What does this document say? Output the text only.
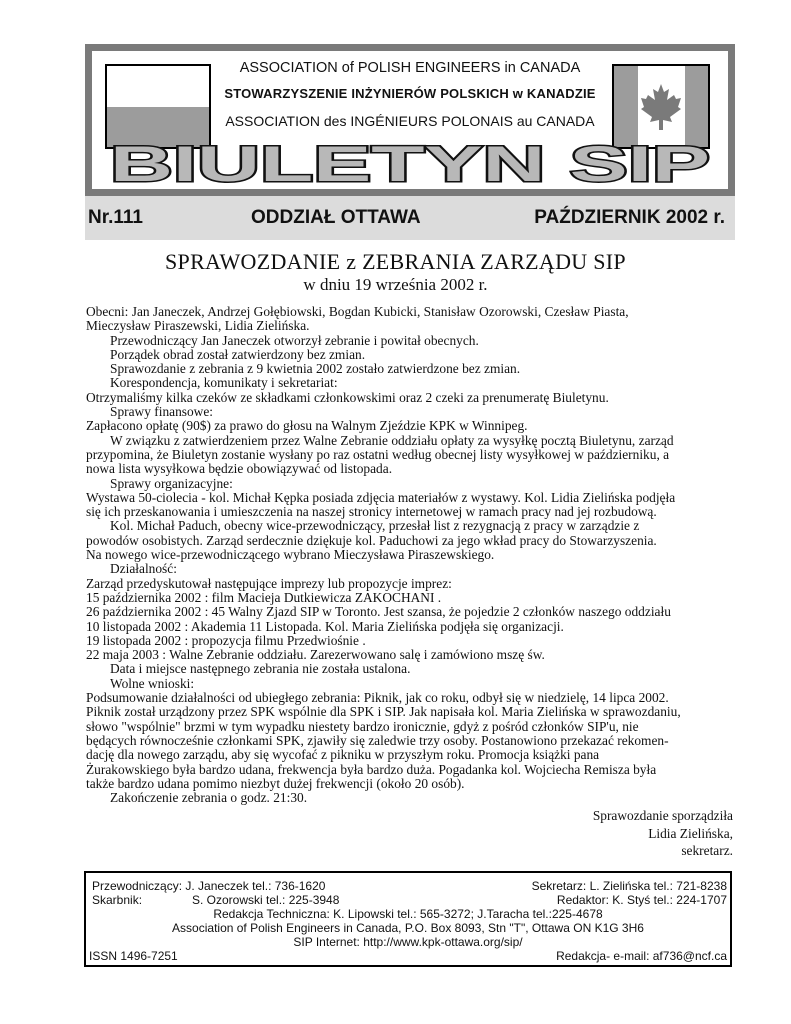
ASSOCIATION of POLISH ENGINEERS in CANADA
STOWARZYSZENIE INŻYNIERÓW POLSKICH w KANADZIE
ASSOCIATION des INGÉNIEURS POLONAIS au CANADA
BIULETYN SIP
Nr.111	ODDZIAŁ OTTAWA	PAŹDZIERNIK 2002 r.
SPRAWOZDANIE z ZEBRANIA ZARZĄDU SIP
w dniu 19 września 2002 r.
Obecni: Jan Janeczek, Andrzej Gołębiowski, Bogdan Kubicki, Stanisław Ozorowski, Czesław Piasta,
Mieczysław Piraszewski, Lidia Zielińska.
Przewodniczący Jan Janeczek otworzył zebranie i powitał obecnych.
Porządek obrad został zatwierdzony bez zmian.
Sprawozdanie z zebrania z 9 kwietnia 2002 zostało zatwierdzone bez zmian.
Korespondencja, komunikaty i sekretariat:
Otrzymaliśmy kilka czeków ze składkami członkowskimi oraz 2 czeki za prenumeratę Biuletynu.
Sprawy finansowe:
Zapłacono opłatę (90$) za prawo do głosu na Walnym Zjeździe KPK w Winnipeg.
W związku z zatwierdzeniem przez Walne Zebranie oddziału opłaty za wysyłkę pocztą Biuletynu, zarząd
przypomina, że Biuletyn zostanie wysłany po raz ostatni według obecnej listy wysyłkowej w październiku, a
nowa lista wysyłkowa będzie obowiązywać od listopada.
Sprawy organizacyjne:
Wystawa 50-ciolecia - kol. Michał Kępka posiada zdjęcia materiałów z wystawy. Kol. Lidia Zielińska podjęła
się ich przeskanowania i umieszczenia na naszej stronicy internetowej w ramach pracy nad jej rozbudową.
Kol. Michał Paduch, obecny wice-przewodniczący, przesłał list z rezygnacją z pracy w zarządzie z
powodów osobistych. Zarząd serdecznie dziękuje kol. Paduchowi za jego wkład pracy do Stowarzyszenia.
Na nowego wice-przewodniczącego wybrano Mieczysława Piraszewskiego.
Działalność:
Zarząd przedyskutował następujące imprezy lub propozycje imprez:
15 października 2002 : film Macieja Dutkiewicza ZAKOCHANI .
26 października 2002 : 45 Walny Zjazd SIP w Toronto. Jest szansa, że pojedzie 2 członków naszego oddziału
10 listopada 2002 : Akademia 11 Listopada. Kol. Maria Zielińska podjęła się organizacji.
19 listopada 2002 : propozycja filmu Przedwiośnie .
22 maja 2003 : Walne Zebranie oddziału. Zarezerwowano salę i zamówiono mszę św.
Data i miejsce następnego zebrania nie została ustalona.
Wolne wnioski:
Podsumowanie działalności od ubiegłego zebrania: Piknik, jak co roku, odbył się w niedzielę, 14 lipca 2002.
Piknik został urządzony przez SPK wspólnie dla SPK i SIP. Jak napisała kol. Maria Zielińska w sprawozdaniu,
słowo "wspólnie" brzmi w tym wypadku niestety bardzo ironicznie, gdyż z pośród członków SIP'u, nie
będących równocześnie członkami SPK, zjawiły się zaledwie trzy osoby. Postanowiono przekazać rekomen-
dację dla nowego zarządu, aby się wycofać z pikniku w przyszłym roku. Promocja książki pana
Żurakowskiego była bardzo udana, frekwencja była bardzo duża. Pogadanka kol. Wojciecha Remisza była
także bardzo udana pomimo niezbyt dużej frekwencji (około 20 osób).
Zakończenie zebrania o godz. 21:30.
Sprawozdanie sporządziła
Lidia Zielińska,
sekretarz.
Przewodniczący: J. Janeczek tel.: 736-1620	Sekretarz: L. Zielińska tel.: 721-8238
Skarbnik:	S. Ozorowski tel.: 225-3948	Redaktor: K. Styś tel.: 224-1707
Redakcja Techniczna: K. Lipowski tel.: 565-3272; J.Taracha tel.:225-4678
Association of Polish Engineers in Canada, P.O. Box 8093, Stn "T", Ottawa ON K1G 3H6
SIP Internet: http://www.kpk-ottawa.org/sip/
ISSN 1496-7251	Redakcja- e-mail: af736@ncf.ca
